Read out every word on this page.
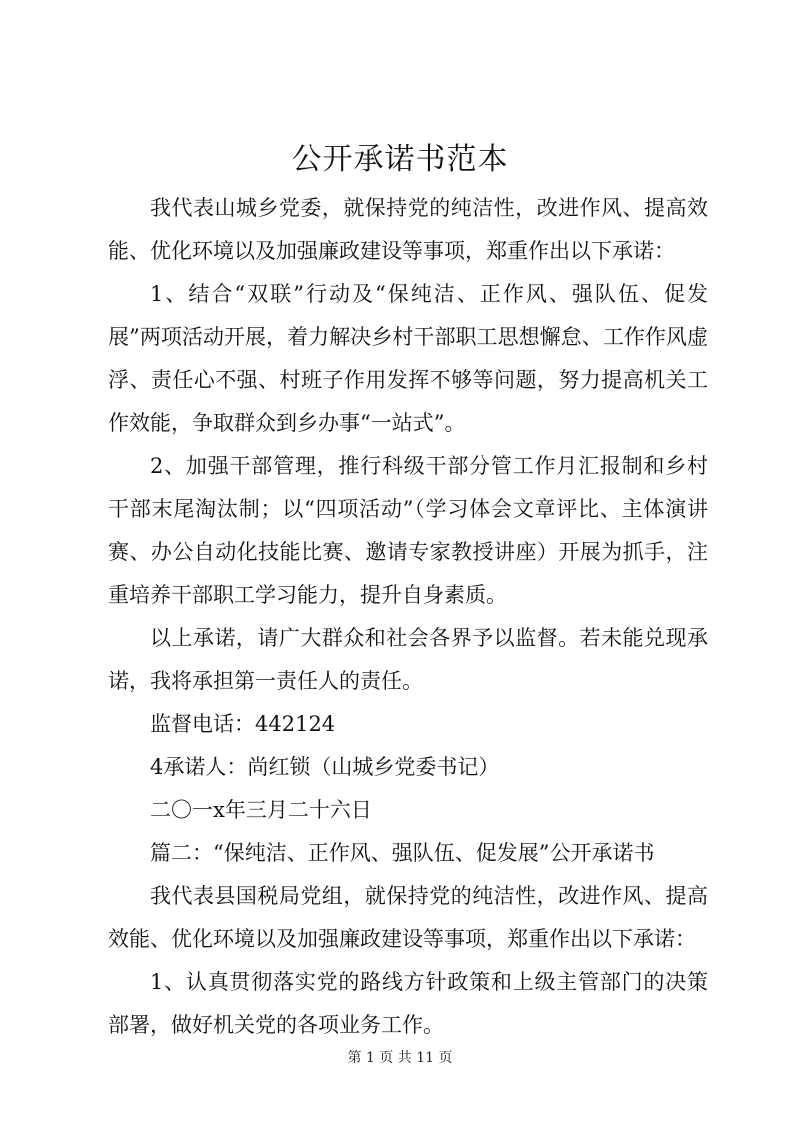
公开承诺书范本

我代表山城乡党委，就保持党的纯洁性，改进作风、提高效能、优化环境以及加强廉政建设等事项，郑重作出以下承诺：

1、结合“双联”行动及“保纯洁、正作风、强队伍、促发展”两项活动开展，着力解决乡村干部职工思想懈怠、工作作风虚浮、责任心不强、村班子作用发挥不够等问题，努力提高机关工作效能，争取群众到乡办事“一站式”。

2、加强干部管理，推行科级干部分管工作月汇报制和乡村干部末尾淘汰制；以“四项活动”（学习体会文章评比、主体演讲赛、办公自动化技能比赛、邀请专家教授讲座）开展为抓手，注重培养干部职工学习能力，提升自身素质。

以上承诺，请广大群众和社会各界予以监督。若未能兑现承诺，我将承担第一责任人的责任。

监督电话：442124

4承诺人：尚红锁（山城乡党委书记）

二〇一x年三月二十六日

篇二：“保纯洁、正作风、强队伍、促发展”公开承诺书

我代表县国税局党组，就保持党的纯洁性，改进作风、提高效能、优化环境以及加强廉政建设等事项，郑重作出以下承诺：

1、认真贯彻落实党的路线方针政策和上级主管部门的决策部署，做好机关党的各项业务工作。

第 1 页 共 11 页
